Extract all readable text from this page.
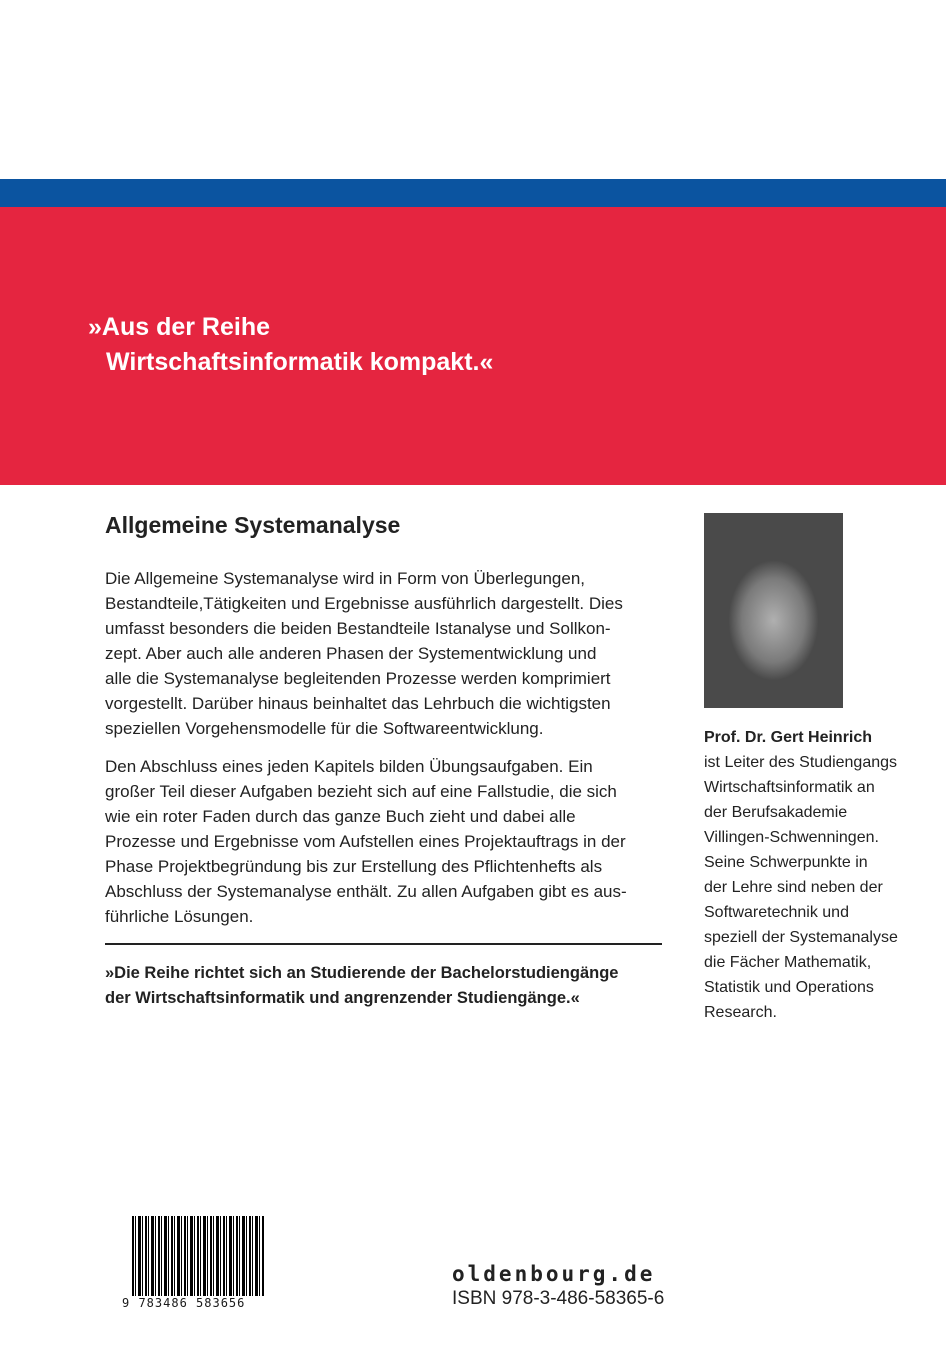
»Aus der Reihe
Wirtschaftsinformatik kompakt.«
Allgemeine Systemanalyse
Die Allgemeine Systemanalyse wird in Form von Überlegungen,
Bestandteile,Tätigkeiten und Ergebnisse ausführlich dargestellt. Dies
umfasst besonders die beiden Bestandteile Istanalyse und Sollkon-
zept. Aber auch alle anderen Phasen der Systementwicklung und
alle die Systemanalyse begleitenden Prozesse werden komprimiert
vorgestellt. Darüber hinaus beinhaltet das Lehrbuch die wichtigsten
speziellen Vorgehensmodelle für die Softwareentwicklung.
Den Abschluss eines jeden Kapitels bilden Übungsaufgaben. Ein
großer Teil dieser Aufgaben bezieht sich auf eine Fallstudie, die sich
wie ein roter Faden durch das ganze Buch zieht und dabei alle
Prozesse und Ergebnisse vom Aufstellen eines Projektauftrags in der
Phase Projektbegründung bis zur Erstellung des Pflichtenhefts als
Abschluss der Systemanalyse enthält. Zu allen Aufgaben gibt es aus-
führliche Lösungen.
»Die Reihe richtet sich an Studierende der Bachelorstudiengänge
der Wirtschaftsinformatik und angrenzender Studiengänge.«
Prof. Dr. Gert Heinrich
ist Leiter des Studiengangs
Wirtschaftsinformatik an
der Berufsakademie
Villingen-Schwenningen.
Seine Schwerpunkte in
der Lehre sind neben der
Softwaretechnik und
speziell der Systemanalyse
die Fächer Mathematik,
Statistik und Operations
Research.
9 783486 583656
oldenbourg.de
ISBN 978-3-486-58365-6
